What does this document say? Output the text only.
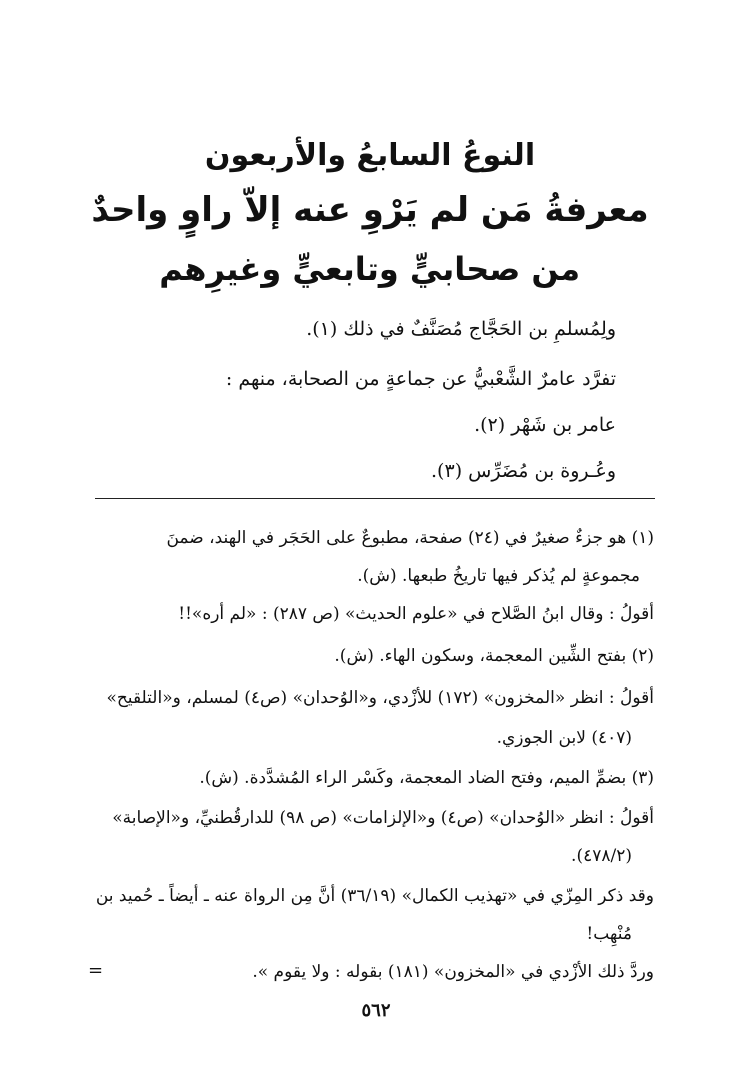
النوعُ السابعُ والأربعون
معرفةُ مَن لم يَرْوِ عنه إلاّ راوٍ واحدٌ
من صحابيٍّ وتابعيٍّ وغيرِهم
ولِمُسلمِ بن الحَجَّاج مُصَنَّفٌ في ذلك (١).
تفرَّد عامرٌ الشَّعْبيُّ عن جماعةٍ من الصحابة، منهم :
عامر بن شَهْر (٢).
وعُـروة بن مُضَرِّس (٣).
(١) هو جزءٌ صغيرٌ في (٢٤) صفحة، مطبوعٌ على الحَجَر في الهند، ضمنَ
مجموعةٍ لم يُذكر فيها تاريخُ طبعها. (ش).
أقولُ : وقال ابنُ الصَّلاح في «علوم الحديث» (ص ٢٨٧) : «لم أره»!!
(٢) بفتح الشِّين المعجمة، وسكون الهاء. (ش).
أقولُ : انظر «المخزون» (١٧٢) للأزْدي، و«الوُحدان» (ص٤) لمسلم، و«التلقيح»
(٤٠٧) لابن الجوزي.
(٣) بضمِّ الميم، وفتح الضاد المعجمة، وكَسْر الراء المُشدَّدة. (ش).
أقولُ : انظر «الوُحدان» (ص٤) و«الإلزامات» (ص ٩٨) للدارقُطنيِّ، و«الإصابة»
(٤٧٨/٢).
وقد ذكر المِزّي في «تهذيب الكمال» (٣٦/١٩) أنَّ مِن الرواة عنه ـ أيضاً ـ حُميد بن
مُنْهِب!
وردَّ ذلك الأزْدي في «المخزون» (١٨١) بقوله : ولا يقوم ».
=
٥٦٢
